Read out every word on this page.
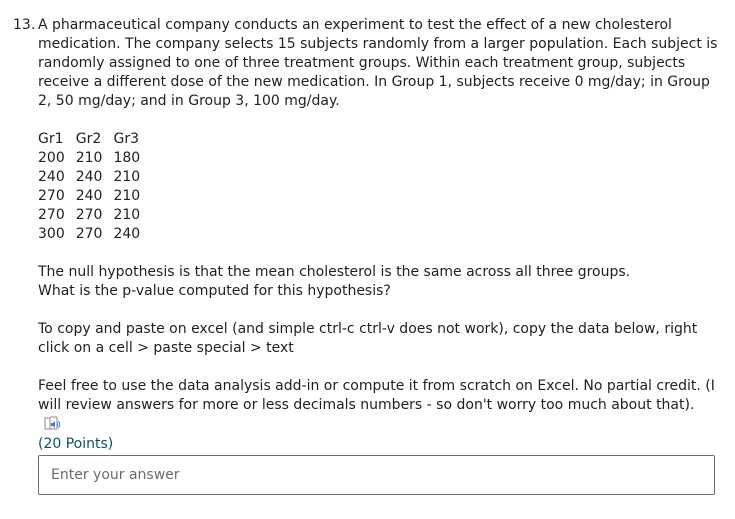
13. A pharmaceutical company conducts an experiment to test the effect of a new cholesterol medication. The company selects 15 subjects randomly from a larger population. Each subject is randomly assigned to one of three treatment groups. Within each treatment group, subjects receive a different dose of the new medication. In Group 1, subjects receive 0 mg/day; in Group 2, 50 mg/day; and in Group 3, 100 mg/day.

Gr1	Gr2	Gr3
200	210	180
240	240	210
270	240	210
270	270	210
300	270	240

The null hypothesis is that the mean cholesterol is the same across all three groups.
What is the p-value computed for this hypothesis?

To copy and paste on excel (and simple ctrl-c ctrl-v does not work), copy the data below, right click on a cell > paste special > text

Feel free to use the data analysis add-in or compute it from scratch on Excel. No partial credit. (I will review answers for more or less decimals numbers - so don't worry too much about that).
(20 Points)

Enter your answer
